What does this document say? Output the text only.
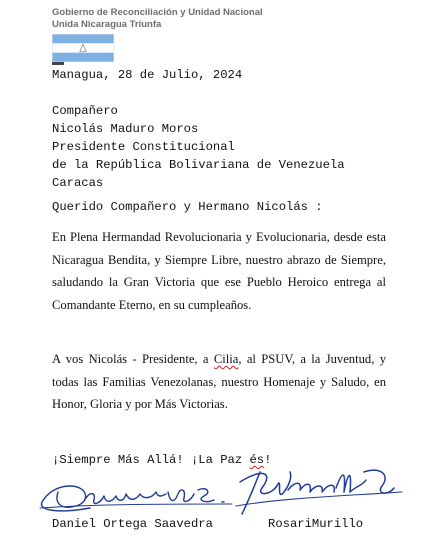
Gobierno de Reconciliación y Unidad Nacional
Unida Nicaragua Triunfa
Managua, 28 de Julio, 2024
Compañero
Nicolás Maduro Moros
Presidente Constitucional
de la República Bolivariana de Venezuela
Caracas
Querido Compañero y Hermano Nicolás :

En Plena Hermandad Revolucionaria y Evolucionaria, desde esta Nicaragua Bendita, y Siempre Libre, nuestro abrazo de Siempre, saludando la Gran Victoria que ese Pueblo Heroico entrega al Comandante Eterno, en su cumpleaños.

A vos Nicolás - Presidente, a Cilia, al PSUV, a la Juventud, y todas las Familias Venezolanas, nuestro Homenaje y Saludo, en Honor, Gloria y por Más Victorias.

¡Siempre Más Allá! ¡La Paz és!
Daniel Ortega Saavedra	RosariMurillo
